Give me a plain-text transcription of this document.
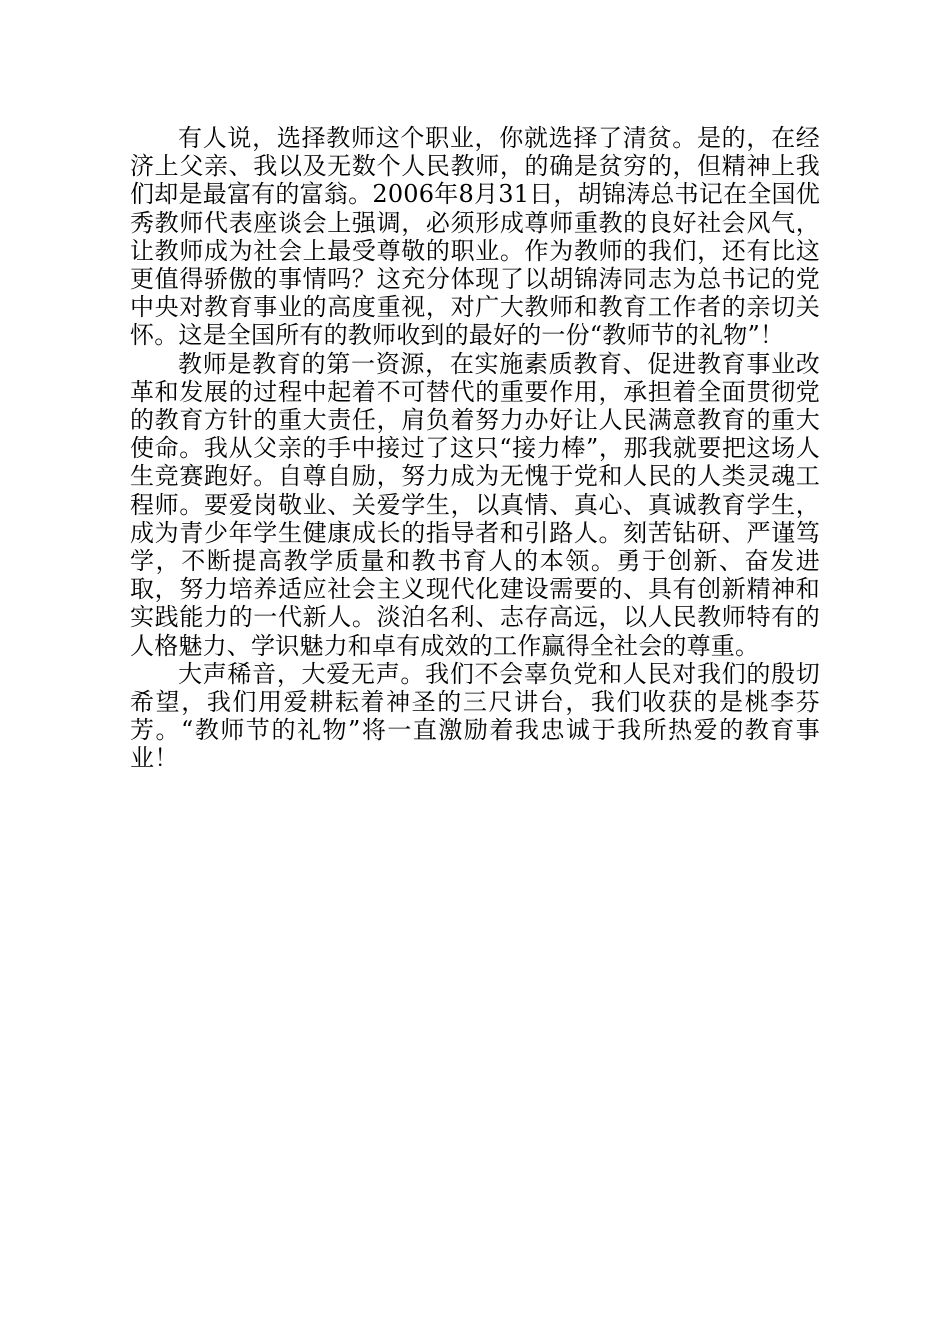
有人说，选择教师这个职业，你就选择了清贫。是的，在经济上父亲、我以及无数个人民教师，的确是贫穷的，但精神上我们却是最富有的富翁。2006年8月31日，胡锦涛总书记在全国优秀教师代表座谈会上强调，必须形成尊师重教的良好社会风气，让教师成为社会上最受尊敬的职业。作为教师的我们，还有比这更值得骄傲的事情吗？这充分体现了以胡锦涛同志为总书记的党中央对教育事业的高度重视，对广大教师和教育工作者的亲切关怀。这是全国所有的教师收到的最好的一份“教师节的礼物”！

教师是教育的第一资源，在实施素质教育、促进教育事业改革和发展的过程中起着不可替代的重要作用，承担着全面贯彻党的教育方针的重大责任，肩负着努力办好让人民满意教育的重大使命。我从父亲的手中接过了这只“接力棒”，那我就要把这场人生竞赛跑好。自尊自励，努力成为无愧于党和人民的人类灵魂工程师。要爱岗敬业、关爱学生，以真情、真心、真诚教育学生，成为青少年学生健康成长的指导者和引路人。刻苦钻研、严谨笃学，不断提高教学质量和教书育人的本领。勇于创新、奋发进取，努力培养适应社会主义现代化建设需要的、具有创新精神和实践能力的一代新人。淡泊名利、志存高远，以人民教师特有的人格魅力、学识魅力和卓有成效的工作赢得全社会的尊重。

大声稀音，大爱无声。我们不会辜负党和人民对我们的殷切希望，我们用爱耕耘着神圣的三尺讲台，我们收获的是桃李芬芳。“教师节的礼物”将一直激励着我忠诚于我所热爱的教育事业！
